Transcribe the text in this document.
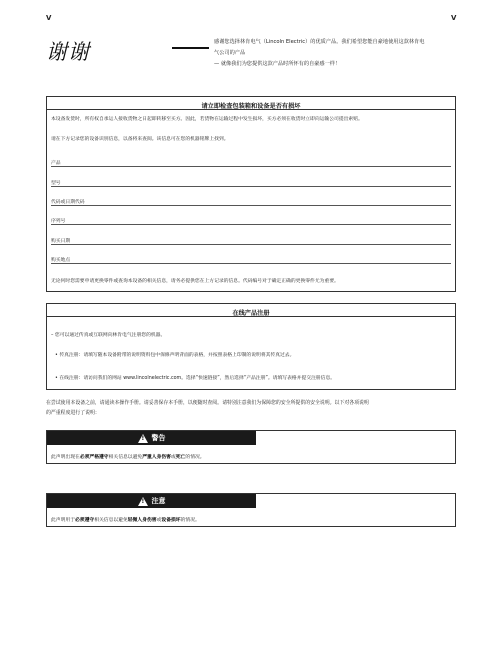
V	V
谢谢	感谢您选择林肯电气（Lincoln Electric）的优质产品。我们希望您能自豪地使用这款林肯电

气公司的产品

— 就像我们为您提供这款产品时所怀有的自豪感一样！

请立即检查包装箱和设备是否有损坏
本设备发货时，所有权自承运人接收货物之日起即转移至买方。因此，若货物在运输过程中发生损坏，买方必须在收货时立即向运输公司提出索赔。
请在下方记录您的设备识别信息，以备将来查阅。该信息可在您的机器铭牌上找到。
产品
型号
代码或日期代码
序列号
购买日期
购买地点
无论何时您需要申请更换零件或查询本设备的相关信息，请务必提供您在上方记录的信息。代码编号对于确定正确的更换零件尤为重要。
在线产品注册
– 您可以通过传真或互联网向林肯电气注册您的机器。
• 传真注册：请填写随本设备附带的说明资料包中保修声明背面的表格，并按照表格上印制的说明将其传真过去。
• 在线注册：请访问我们的网站 www.lincolnelectric.com。选择“快速链接”，然后选择“产品注册”。请填写表格并提交注册信息。
在尝试使用本设备之前，请通读本操作手册。请妥善保存本手册，以便随时查阅。请特别注意我们为保障您的安全所提供的安全说明。以下对各项说明
的严重程度进行了说明：
! 警告
此声明出现在必须严格遵守相关信息以避免严重人身伤害或死亡的情况。
! 注意
此声明用于必须遵守相关信息以避免轻微人身伤害或设备损坏的情况。
